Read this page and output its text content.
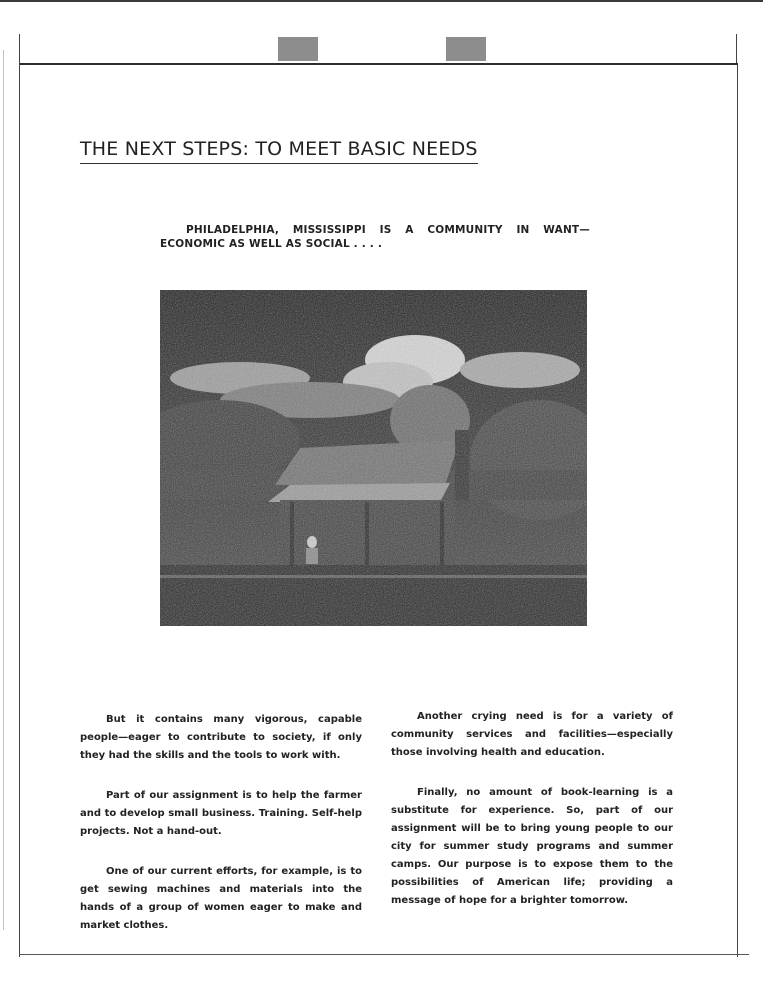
THE NEXT STEPS: TO MEET BASIC NEEDS
PHILADELPHIA, MISSISSIPPI IS A COMMUNITY IN WANT—ECONOMIC AS WELL AS SOCIAL . . . .

But it contains many vigorous, capable people—eager to contribute to society, if only they had the skills and the tools to work with.

Part of our assignment is to help the farmer and to develop small business. Training. Self-help projects. Not a hand-out.

One of our current efforts, for example, is to get sewing machines and materials into the hands of a group of women eager to make and market clothes.

Another crying need is for a variety of community services and facilities—especially those involving health and education.

Finally, no amount of book-learning is a substitute for experience. So, part of our assignment will be to bring young people to our city for summer study programs and summer camps. Our purpose is to expose them to the possibilities of American life; providing a message of hope for a brighter tomorrow.
